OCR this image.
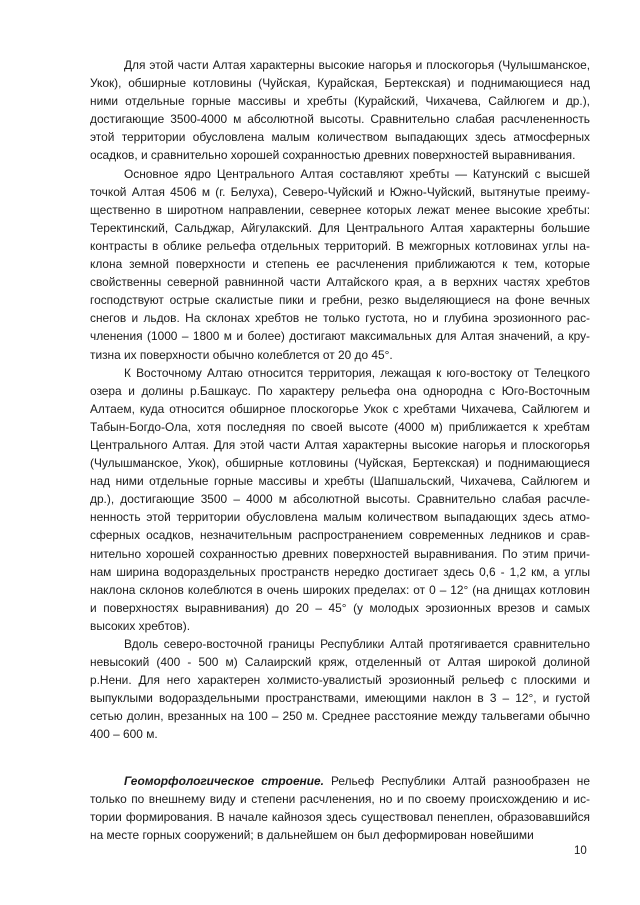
Для этой части Алтая характерны высокие нагорья и плоскогорья (Чулышманское, Укок), обширные котловины (Чуйская, Курайская, Бертекская) и поднимающиеся над ними отдельные горные массивы и хребты (Курайский, Чихачева, Сайлюгем и др.), достигающие 3500-4000 м абсолютной высоты. Сравнительно слабая расчлененность этой территории обусловлена малым количеством выпадающих здесь атмосферных осадков, и сравнительно хорошей сохранностью древних поверхностей выравнивания.

Основное ядро Центрального Алтая составляют хребты — Катунский с высшей точкой Алтая 4506 м (г. Белуха), Северо-Чуйский и Южно-Чуйский, вытянутые преимущественно в широтном направлении, севернее которых лежат менее высокие хребты: Теректинский, Сальджар, Айгулакский. Для Центрального Алтая характерны большие контрасты в облике рельефа отдельных территорий. В межгорных котловинах углы наклона земной поверхности и степень ее расчленения приближаются к тем, которые свойственны северной равнинной части Алтайского края, а в верхних частях хребтов господствуют острые скалистые пики и гребни, резко выделяющиеся на фоне вечных снегов и льдов. На склонах хребтов не только густота, но и глубина эрозионного расчленения (1000 – 1800 м и более) достигают максимальных для Алтая значений, а крутизна их поверхности обычно колеблется от 20 до 45°.

К Восточному Алтаю относится территория, лежащая к юго-востоку от Телецкого озера и долины р.Башкаус. По характеру рельефа она однородна с Юго-Восточным Алтаем, куда относится обширное плоскогорье Укок с хребтами Чихачева, Сайлюгем и Табын-Богдо-Ола, хотя последняя по своей высоте (4000 м) приближается к хребтам Центрального Алтая. Для этой части Алтая характерны высокие нагорья и плоскогорья (Чулышманское, Укок), обширные котловины (Чуйская, Бертекская) и поднимающиеся над ними отдельные горные массивы и хребты (Шапшальский, Чихачева, Сайлюгем и др.), достигающие 3500 – 4000 м абсолютной высоты. Сравнительно слабая расчлененность этой территории обусловлена малым количеством выпадающих здесь атмосферных осадков, незначительным распространением современных ледников и сравнительно хорошей сохранностью древних поверхностей выравнивания. По этим причинам ширина водораздельных пространств нередко достигает здесь 0,6 - 1,2 км, а углы наклона склонов колеблются в очень широких пределах: от 0 – 12° (на днищах котловин и поверхностях выравнивания) до 20 – 45° (у молодых эрозионных врезов и самых высоких хребтов).

Вдоль северо-восточной границы Республики Алтай протягивается сравнительно невысокий (400 - 500 м) Салаирский кряж, отделенный от Алтая широкой долиной р.Нени. Для него характерен холмисто-увалистый эрозионный рельеф с плоскими и выпуклыми водораздельными пространствами, имеющими наклон в 3 – 12°, и густой сетью долин, врезанных на 100 – 250 м. Среднее расстояние между тальвегами обычно 400 – 600 м.

Геоморфологическое строение. Рельеф Республики Алтай разнообразен не только по внешнему виду и степени расчленения, но и по своему происхождению и истории формирования. В начале кайнозоя здесь существовал пенеплен, образовавшийся на месте горных сооружений; в дальнейшем он был деформирован новейшими

10
